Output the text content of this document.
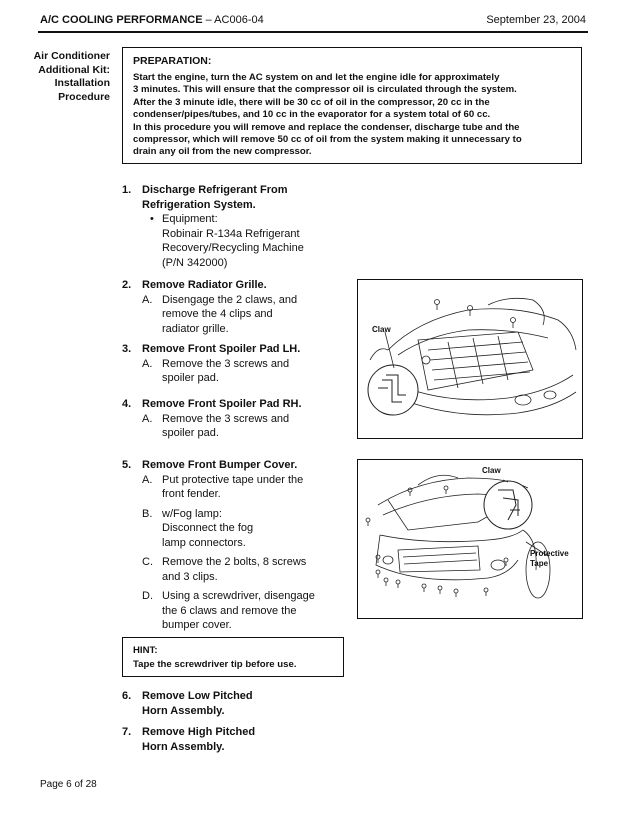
A/C COOLING PERFORMANCE – AC006-04	September 23, 2004
Air Conditioner
Additional Kit:
Installation
Procedure
PREPARATION:
Start the engine, turn the AC system on and let the engine idle for approximately
3 minutes. This will ensure that the compressor oil is circulated through the system.
After the 3 minute idle, there will be 30 cc of oil in the compressor, 20 cc in the
condenser/pipes/tubes, and 10 cc in the evaporator for a system total of 60 cc.
In this procedure you will remove and replace the condenser, discharge tube and the
compressor, which will remove 50 cc of oil from the system making it unnecessary to
drain any oil from the new compressor.
1. Discharge Refrigerant From
Refrigeration System.
• Equipment:
Robinair R-134a Refrigerant
Recovery/Recycling Machine
(P/N 342000)
2. Remove Radiator Grille.
A. Disengage the 2 claws, and
remove the 4 clips and
radiator grille.
3. Remove Front Spoiler Pad LH.
A. Remove the 3 screws and
spoiler pad.
4. Remove Front Spoiler Pad RH.
A. Remove the 3 screws and
spoiler pad.
5. Remove Front Bumper Cover.
A. Put protective tape under the
front fender.
B. w/Fog lamp:
Disconnect the fog
lamp connectors.
C. Remove the 2 bolts, 8 screws
and 3 clips.
D. Using a screwdriver, disengage
the 6 claws and remove the
bumper cover.
HINT:
Tape the screwdriver tip before use.
6. Remove Low Pitched
Horn Assembly.
7. Remove High Pitched
Horn Assembly.
Claw
Claw
Protective
Tape
Page 6 of 28
